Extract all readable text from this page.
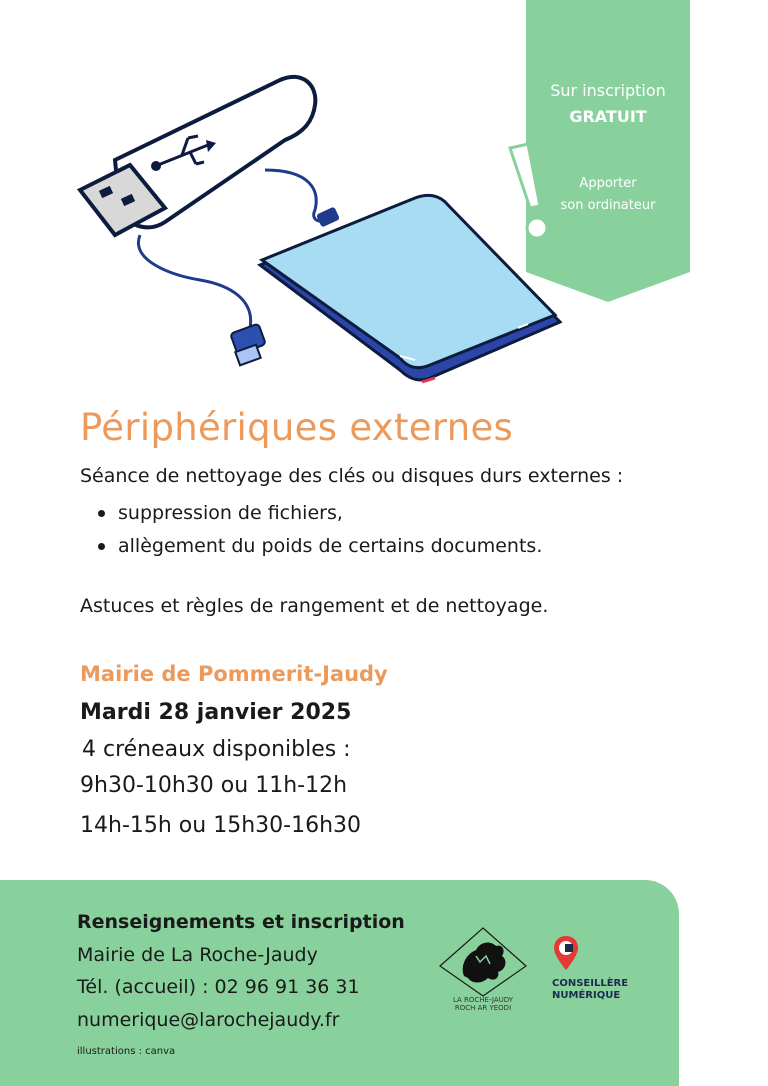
Sur inscription
GRATUIT
Apporter
son ordinateur
Périphériques externes
Séance de nettoyage des clés ou disques durs externes :
suppression de fichiers,
allègement du poids de certains documents.
Astuces et règles de rangement et de nettoyage.
Mairie de Pommerit-Jaudy
Mardi 28 janvier 2025
4 créneaux disponibles :
9h30-10h30 ou 11h-12h
14h-15h ou 15h30-16h30
Renseignements et inscription
Mairie de La Roche-Jaudy
Tél. (accueil) : 02 96 91 36 31
numerique@larochejaudy.fr
illustrations : canva
LA ROCHE-JAUDY
ROCH AR YEODI
CONSEILLÈRE
NUMÉRIQUE
